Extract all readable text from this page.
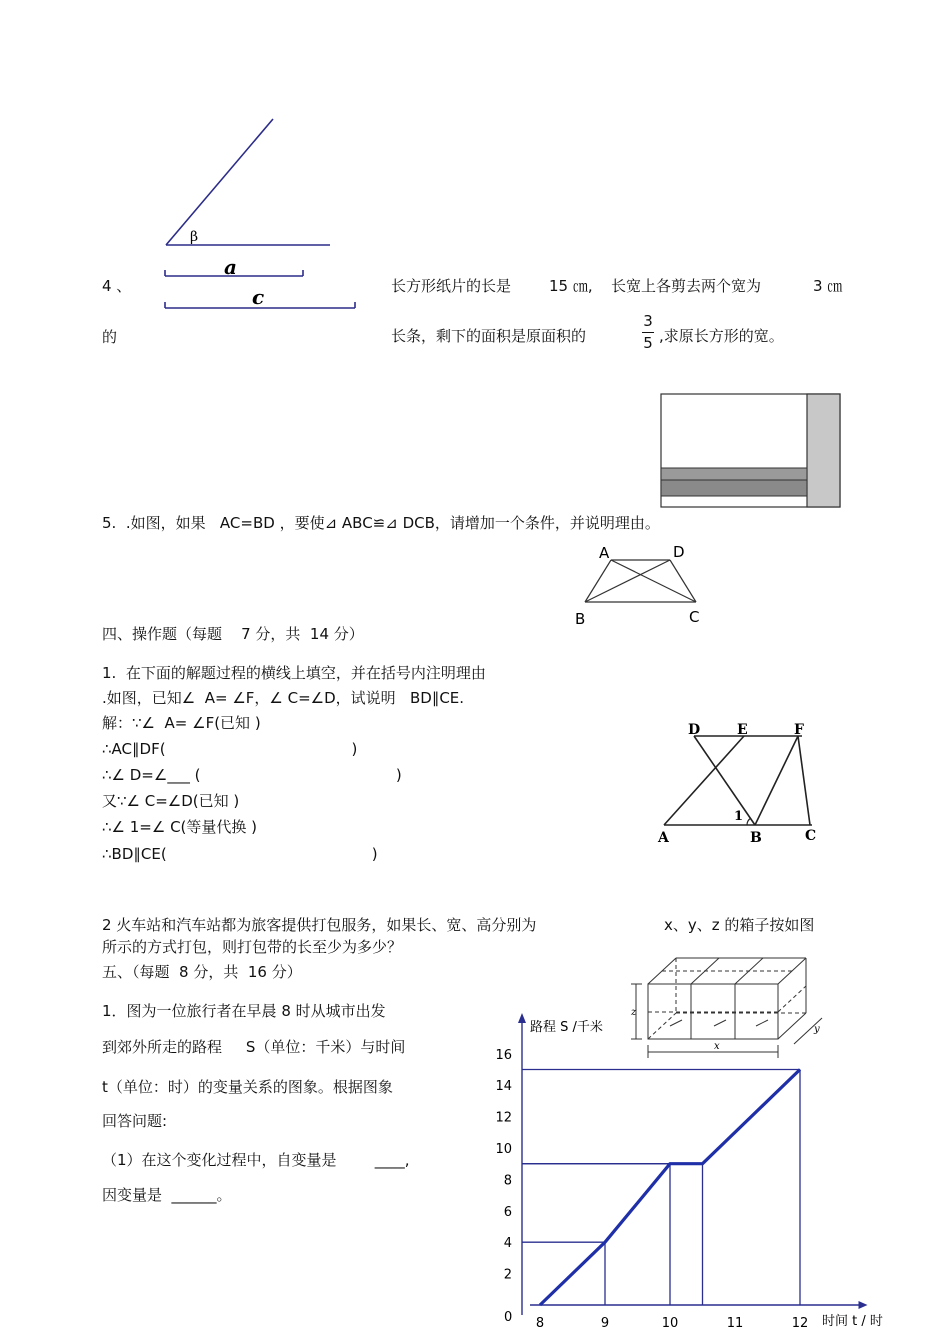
β
a
c
4 、
的
长方形纸片的长是	15 ㎝, 长宽上各剪去两个宽为	3 ㎝
长条，剩下的面积是原面积的
3
5 ,求原长方形的宽。
5.  .如图，如果   AC=BD ，要使⊿ ABC≌⊿ DCB，请增加一个条件，并说明理由。
A	D
B	C
四、操作题（每题    7 分，共  14 分）
1.  在下面的解题过程的横线上填空，并在括号内注明理由
.如图，已知∠  A= ∠F，∠ C=∠D，试说明   BD∥CE.
解：∵∠  A= ∠F(已知 )
∴AC∥DF(                                       )
∴∠ D=∠___ (                                         )
又∵∠ C=∠D(已知 )
∴∠ 1=∠ C(等量代换 )
∴BD∥CE(                                           )
D	E	F
A	B	C
1
2 火车站和汽车站都为旅客提供打包服务，如果长、宽、高分别为	x、y、z 的箱子按如图
所示的方式打包，则打包带的长至少为多少？
x
z
y
五、（每题  8 分，共  16 分）
1．图为一位旅行者在早晨 8 时从城市出发
到郊外所走的路程     S（单位：千米）与时间
t（单位：时）的变量关系的图象。根据图象
回答问题:
（1）在这个变化过程中，自变量是        ____,
因变量是  ______。
路程 S /千米
时间 t / 时
0 8	9	10	11	12
2
4
6
8
10
12
14
16
